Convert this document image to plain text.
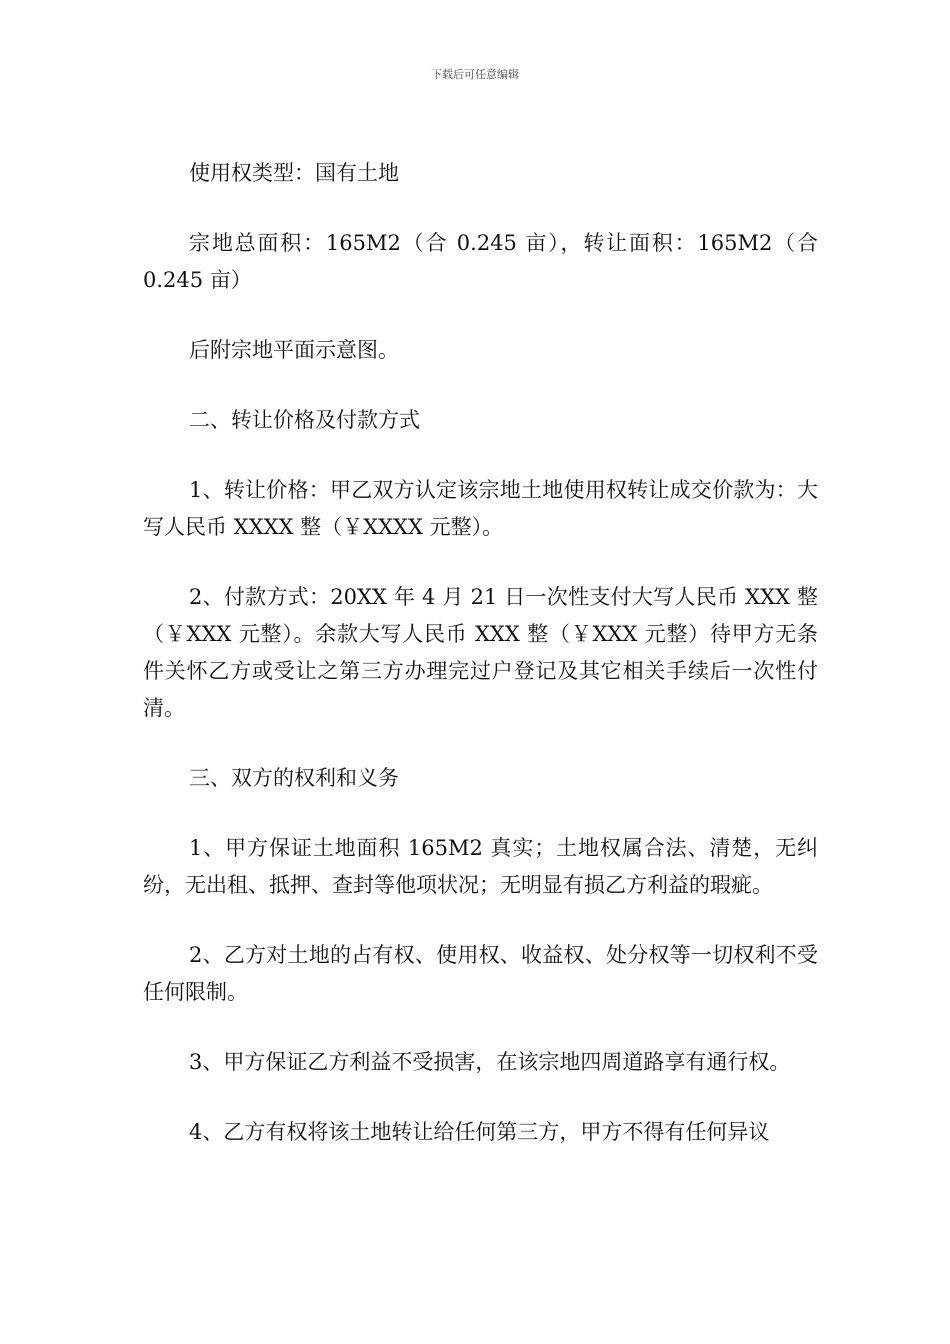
下载后可任意编辑

使用权类型：国有土地

宗地总面积：165M2（合 0.245 亩），转让面积：165M2（合 0.245 亩）

后附宗地平面示意图。

二、转让价格及付款方式

1、转让价格：甲乙双方认定该宗地土地使用权转让成交价款为：大写人民币 XXXX 整（￥XXXX 元整）。

2、付款方式：20XX 年 4 月 21 日一次性支付大写人民币 XXX 整（￥XXX 元整）。余款大写人民币 XXX 整（￥XXX 元整）待甲方无条件关怀乙方或受让之第三方办理完过户登记及其它相关手续后一次性付清。

三、双方的权利和义务

1、甲方保证土地面积 165M2 真实；土地权属合法、清楚，无纠纷，无出租、抵押、查封等他项状况；无明显有损乙方利益的瑕疵。

2、乙方对土地的占有权、使用权、收益权、处分权等一切权利不受任何限制。

3、甲方保证乙方利益不受损害，在该宗地四周道路享有通行权。

4、乙方有权将该土地转让给任何第三方，甲方不得有任何异议
